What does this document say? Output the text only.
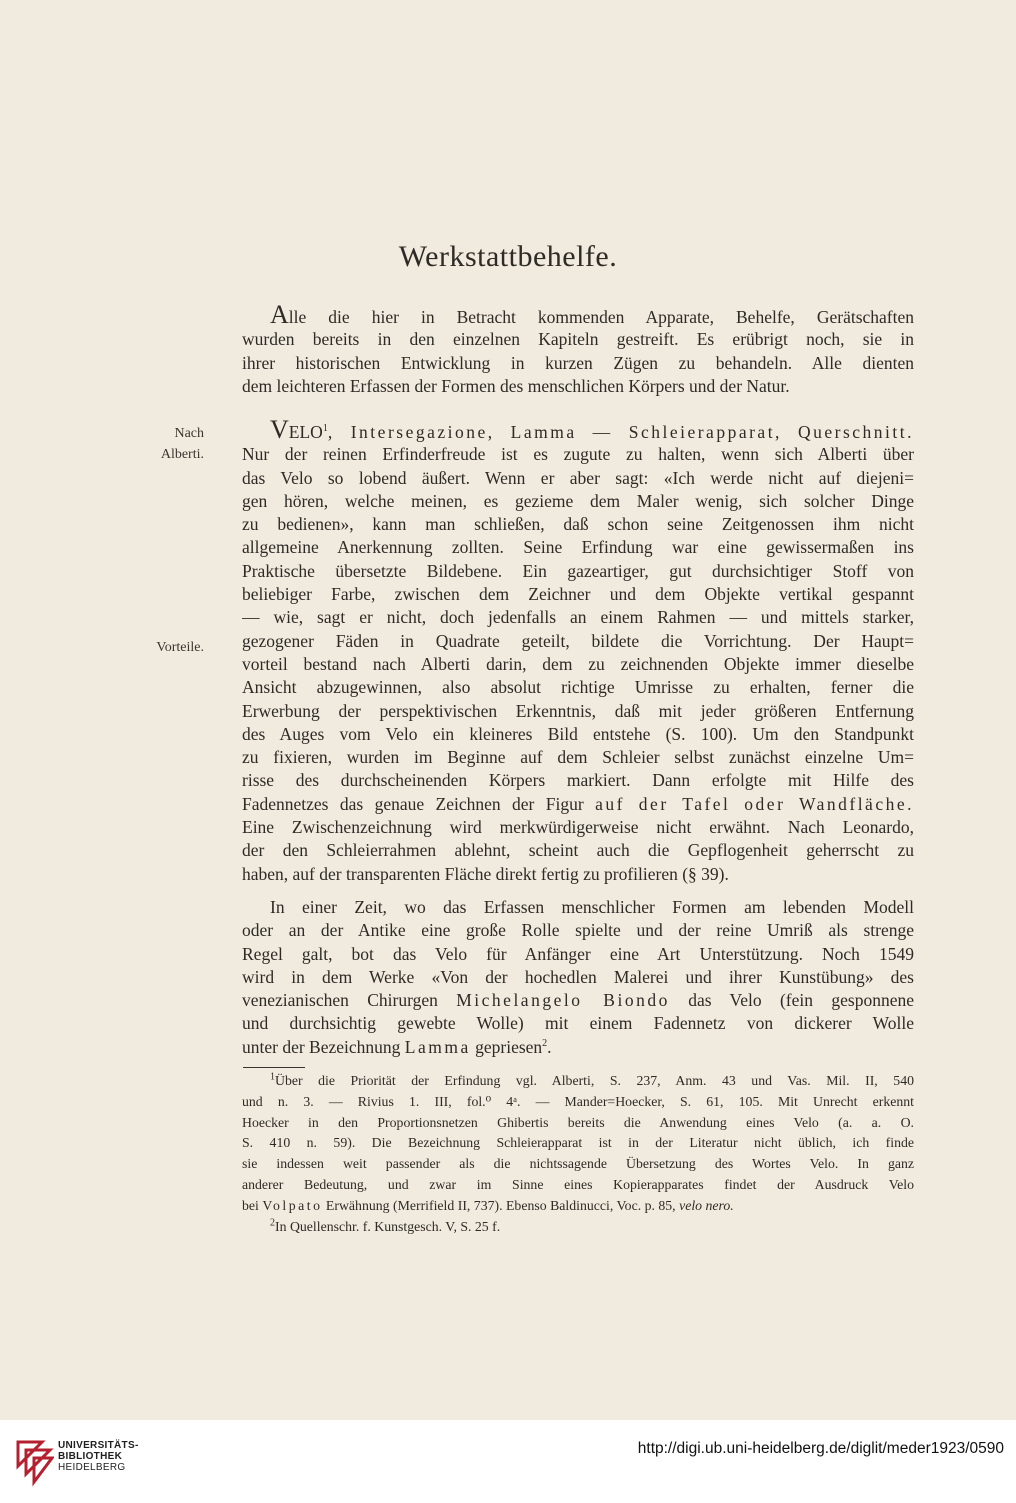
Werkstattbehelfe.
Alle die hier in Betracht kommenden Apparate, Behelfe, Gerätschaften
wurden bereits in den einzelnen Kapiteln gestreift. Es erübrigt noch, sie in
ihrer historischen Entwicklung in kurzen Zügen zu behandeln. Alle dienten
dem leichteren Erfassen der Formen des menschlichen Körpers und der Natur.
Nach
Alberti.
Vorteile.
VELO$^1$, Intersegazione, Lamma — Schleierapparat, Querschnitt.
Nur der reinen Erfinderfreude ist es zugute zu halten, wenn sich Alberti über
das Velo so lobend äußert. Wenn er aber sagt: «Ich werde nicht auf diejeni=
gen hören, welche meinen, es gezieme dem Maler wenig, sich solcher Dinge
zu bedienen», kann man schließen, daß schon seine Zeitgenossen ihm nicht
allgemeine Anerkennung zollten. Seine Erfindung war eine gewissermaßen ins
Praktische übersetzte Bildebene. Ein gazeartiger, gut durchsichtiger Stoff von
beliebiger Farbe, zwischen dem Zeichner und dem Objekte vertikal gespannt
— wie, sagt er nicht, doch jedenfalls an einem Rahmen — und mittels starker,
gezogener Fäden in Quadrate geteilt, bildete die Vorrichtung. Der Haupt=
vorteil bestand nach Alberti darin, dem zu zeichnenden Objekte immer dieselbe
Ansicht abzugewinnen, also absolut richtige Umrisse zu erhalten, ferner die
Erwerbung der perspektivischen Erkenntnis, daß mit jeder größeren Entfernung
des Auges vom Velo ein kleineres Bild entstehe (S. 100). Um den Standpunkt
zu fixieren, wurden im Beginne auf dem Schleier selbst zunächst einzelne Um=
risse des durchscheinenden Körpers markiert. Dann erfolgte mit Hilfe des
Fadennetzes das genaue Zeichnen der Figur auf der Tafel oder Wandfläche.
Eine Zwischenzeichnung wird merkwürdigerweise nicht erwähnt. Nach Leonardo,
der den Schleierrahmen ablehnt, scheint auch die Gepflogenheit geherrscht zu
haben, auf der transparenten Fläche direkt fertig zu profilieren (§ 39).
In einer Zeit, wo das Erfassen menschlicher Formen am lebenden Modell
oder an der Antike eine große Rolle spielte und der reine Umriß als strenge
Regel galt, bot das Velo für Anfänger eine Art Unterstützung. Noch 1549
wird in dem Werke «Von der hochedlen Malerei und ihrer Kunstübung» des
venezianischen Chirurgen Michelangelo Biondo das Velo (fein gesponnene
und durchsichtig gewebte Wolle) mit einem Fadennetz von dickerer Wolle
unter der Bezeichnung Lamma gepriesen$^2$.
$^1$Über die Priorität der Erfindung vgl. Alberti, S. 237, Anm. 43 und Vas. Mil. II, 540
und n. 3. — Rivius 1. III, fol.⁰ 4ᵃ. — Mander=Hoecker, S. 61, 105. Mit Unrecht erkennt
Hoecker in den Proportionsnetzen Ghibertis bereits die Anwendung eines Velo (a. a. O.
S. 410 n. 59). Die Bezeichnung Schleierapparat ist in der Literatur nicht üblich, ich finde
sie indessen weit passender als die nichtssagende Übersetzung des Wortes Velo. In ganz
anderer Bedeutung, und zwar im Sinne eines Kopierapparates findet der Ausdruck Velo
bei Volpato Erwähnung (Merrifield II, 737). Ebenso Baldinucci, Voc. p. 85, velo nero.
$^2$In Quellenschr. f. Kunstgesch. V, S. 25 f.
UNIVERSITÄTS-
BIBLIOTHEK
HEIDELBERG
http://digi.ub.uni-heidelberg.de/diglit/meder1923/0590
